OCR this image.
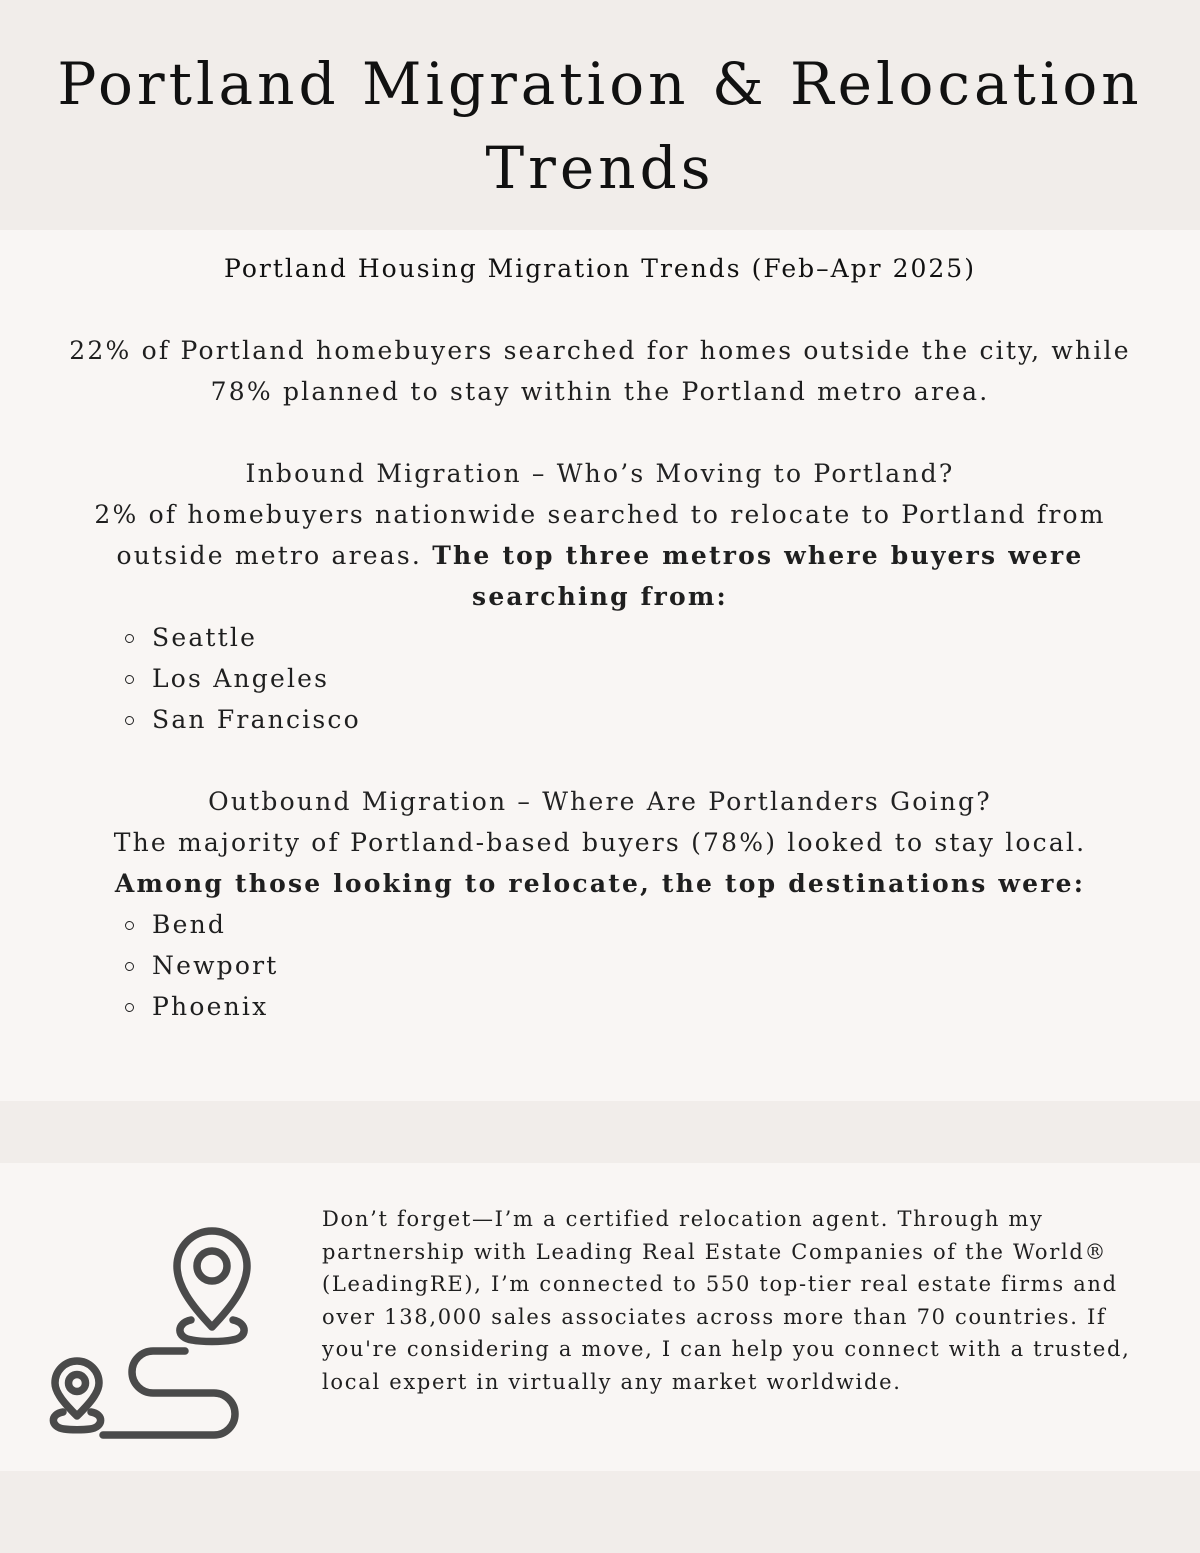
Portland Migration & Relocation Trends

Portland Housing Migration Trends (Feb–Apr 2025)

22% of Portland homebuyers searched for homes outside the city, while 78% planned to stay within the Portland metro area.

Inbound Migration – Who’s Moving to Portland?

2% of homebuyers nationwide searched to relocate to Portland from outside metro areas. The top three metros where buyers were searching from:

Seattle
Los Angeles
San Francisco

Outbound Migration – Where Are Portlanders Going?

The majority of Portland-based buyers (78%) looked to stay local. Among those looking to relocate, the top destinations were:

Bend
Newport
Phoenix

Don’t forget—I’m a certified relocation agent. Through my partnership with Leading Real Estate Companies of the World® (LeadingRE), I’m connected to 550 top-tier real estate firms and over 138,000 sales associates across more than 70 countries. If you're considering a move, I can help you connect with a trusted, local expert in virtually any market worldwide.
